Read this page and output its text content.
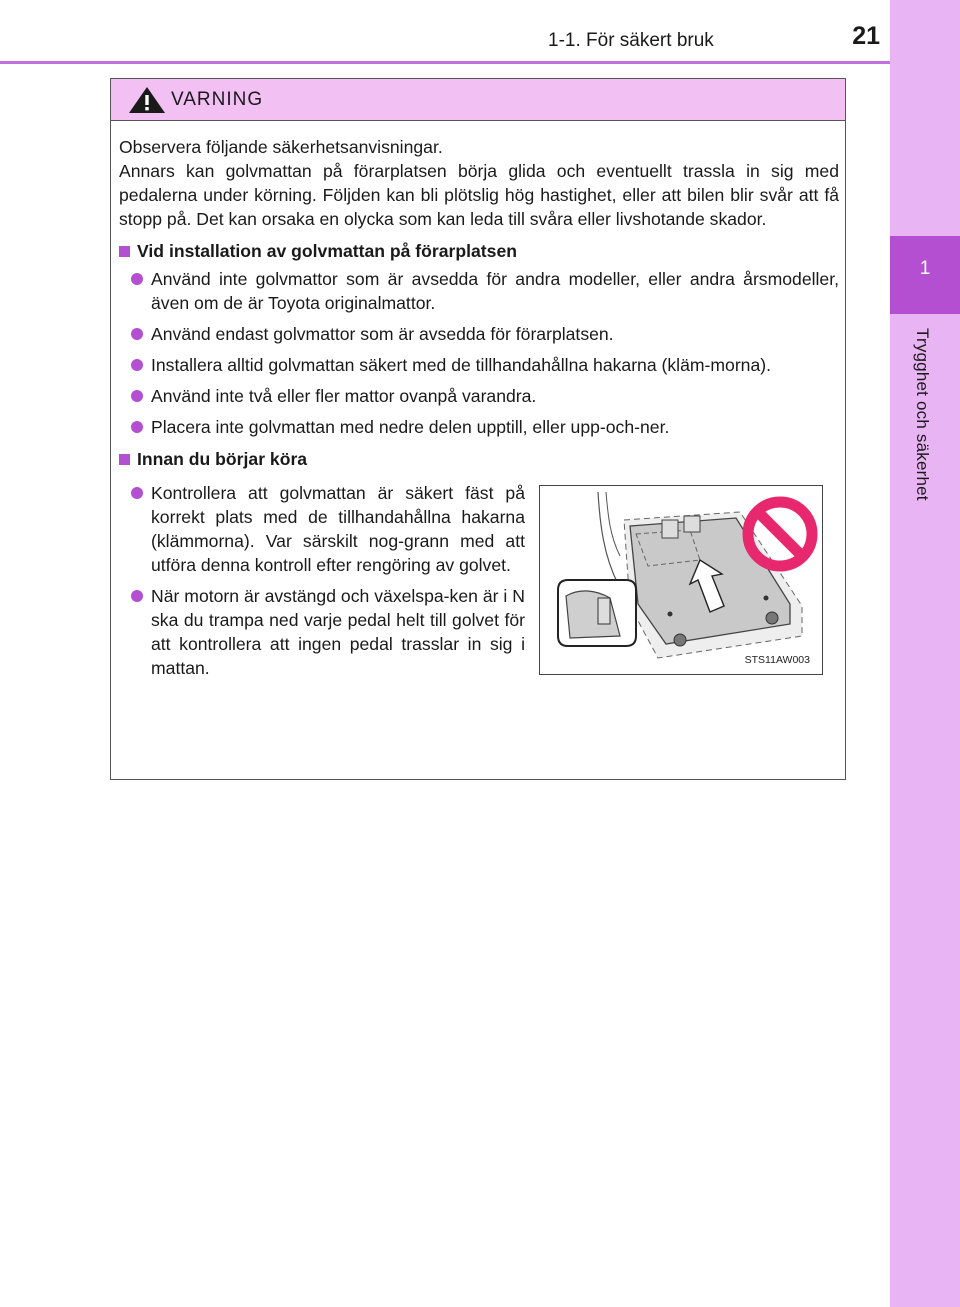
1-1. För säkert bruk	21
1
Trygghet och säkerhet
VARNING

Observera följande säkerhetsanvisningar.

Annars kan golvmattan på förarplatsen börja glida och eventuellt trassla in sig med pedalerna under körning. Följden kan bli plötslig hög hastighet, eller att bilen blir svår att få stopp på. Det kan orsaka en olycka som kan leda till svåra eller livshotande skador.

Vid installation av golvmattan på förarplatsen
Använd inte golvmattor som är avsedda för andra modeller, eller andra årsmodeller, även om de är Toyota originalmattor.
Använd endast golvmattor som är avsedda för förarplatsen.
Installera alltid golvmattan säkert med de tillhandahållna hakarna (kläm-morna).
Använd inte två eller fler mattor ovanpå varandra.
Placera inte golvmattan med nedre delen upptill, eller upp-och-ner.
Innan du börjar köra
Kontrollera att golvmattan är säkert fäst på korrekt plats med de tillhandahållna hakarna (klämmorna). Var särskilt nog-grann med att utföra denna kontroll efter rengöring av golvet.
När motorn är avstängd och växelspa-ken är i N ska du trampa ned varje pedal helt till golvet för att kontrollera att ingen pedal trasslar in sig i mattan.	STS11AW003
